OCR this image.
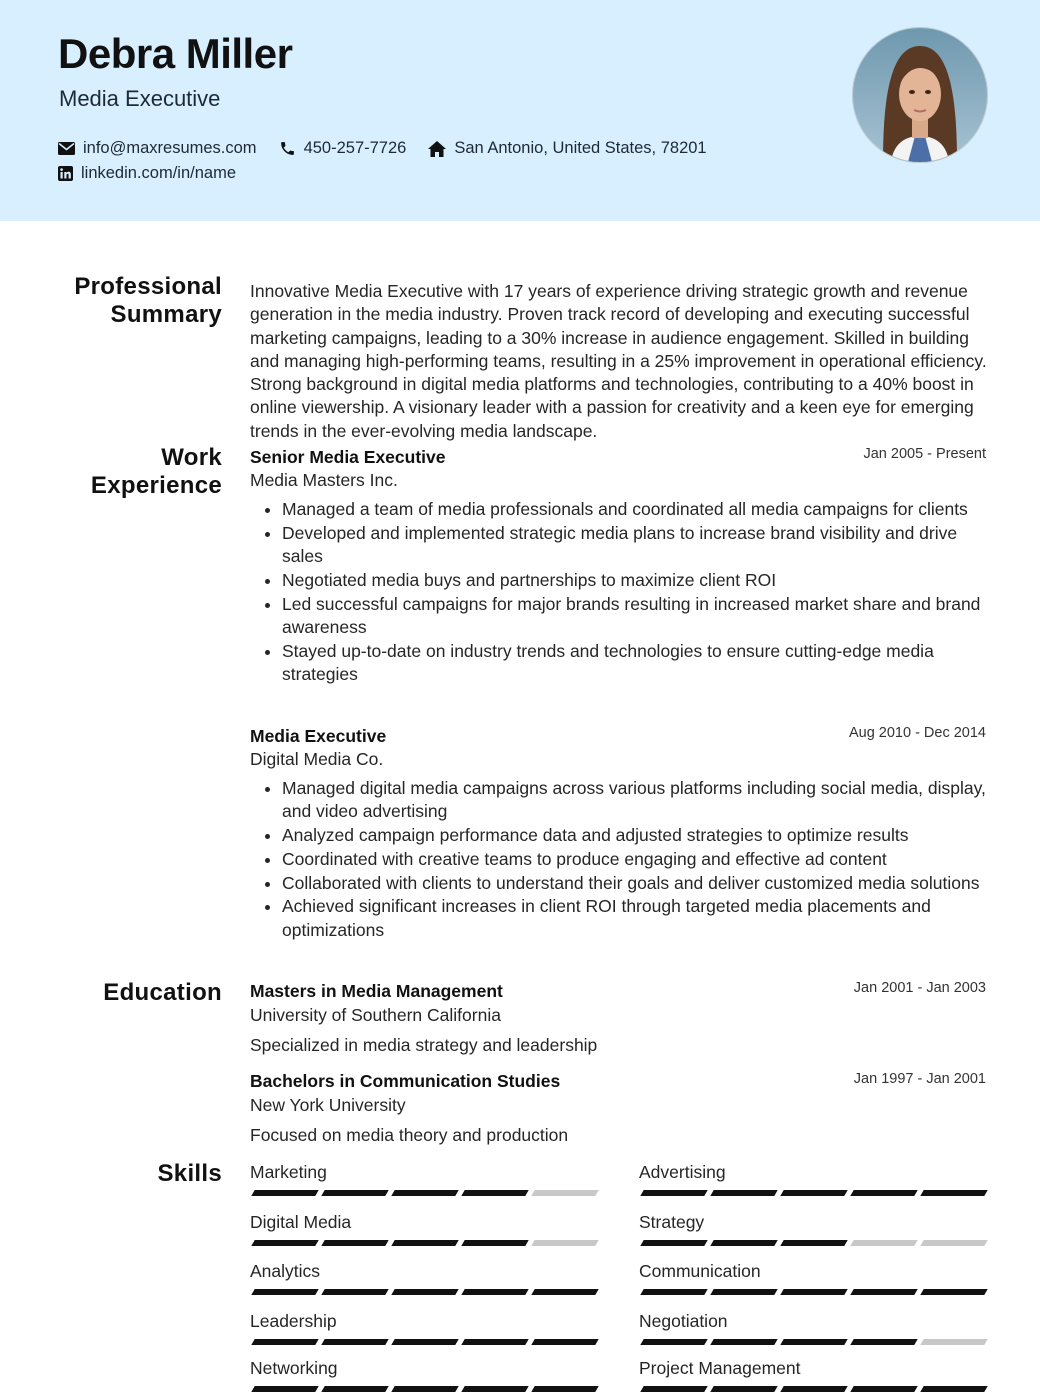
Debra Miller
Media Executive
info@maxresumes.com	450-257-7726	San Antonio, United States, 78201
linkedin.com/in/name
Professional
Summary
Innovative Media Executive with 17 years of experience driving strategic growth and revenue generation in the media industry. Proven track record of developing and executing successful marketing campaigns, leading to a 30% increase in audience engagement. Skilled in building and managing high-performing teams, resulting in a 25% improvement in operational efficiency. Strong background in digital media platforms and technologies, contributing to a 40% boost in online viewership. A visionary leader with a passion for creativity and a keen eye for emerging trends in the ever-evolving media landscape.
Work
Experience
Senior Media Executive	Jan 2005 - Present
Media Masters Inc.
• Managed a team of media professionals and coordinated all media campaigns for clients
• Developed and implemented strategic media plans to increase brand visibility and drive sales
• Negotiated media buys and partnerships to maximize client ROI
• Led successful campaigns for major brands resulting in increased market share and brand awareness
• Stayed up-to-date on industry trends and technologies to ensure cutting-edge media strategies
Media Executive	Aug 2010 - Dec 2014
Digital Media Co.
• Managed digital media campaigns across various platforms including social media, display, and video advertising
• Analyzed campaign performance data and adjusted strategies to optimize results
• Coordinated with creative teams to produce engaging and effective ad content
• Collaborated with clients to understand their goals and deliver customized media solutions
• Achieved significant increases in client ROI through targeted media placements and optimizations
Education Masters in Media Management	Jan 2001 - Jan 2003
University of Southern California
Specialized in media strategy and leadership
Bachelors in Communication Studies	Jan 1997 - Jan 2001
New York University
Focused on media theory and production
Skills Marketing	Advertising
Digital Media	Strategy
Analytics	Communication
Leadership	Negotiation
Networking	Project Management
